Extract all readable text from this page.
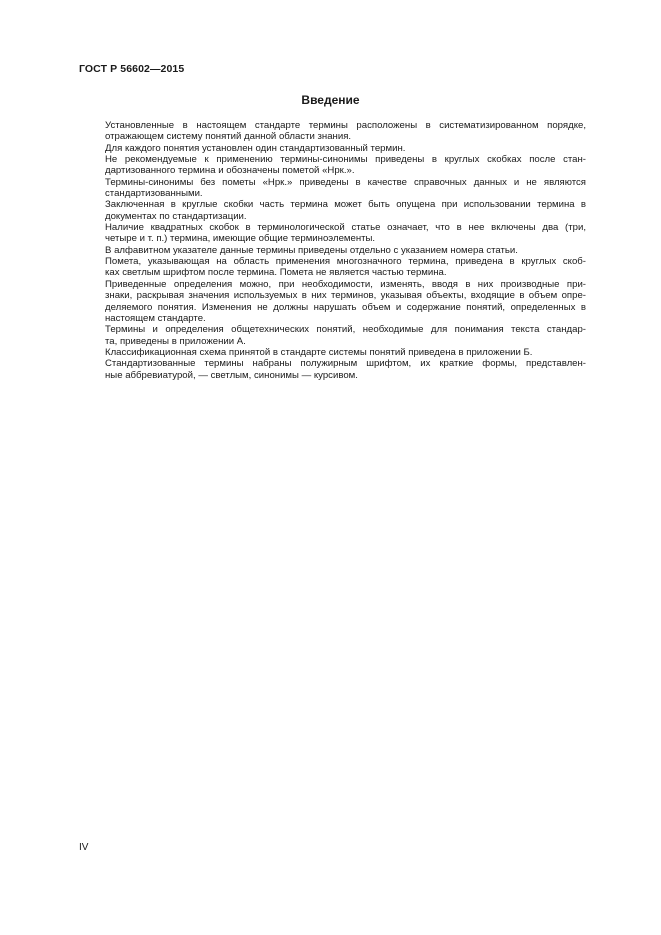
ГОСТ Р 56602—2015
Введение

Установленные в настоящем стандарте термины расположены в систематизированном порядке,
отражающем систему понятий данной области знания.

Для каждого понятия установлен один стандартизованный термин.

Не рекомендуемые к применению термины-синонимы приведены в круглых скобках после стан-
дартизованного термина и обозначены пометой «Нрк.».

Термины-синонимы без пометы «Нрк.» приведены в качестве справочных данных и не являются
стандартизованными.

Заключенная в круглые скобки часть термина может быть опущена при использовании термина в
документах по стандартизации.

Наличие квадратных скобок в терминологической статье означает, что в нее включены два (три,
четыре и т. п.) термина, имеющие общие терминоэлементы.

В алфавитном указателе данные термины приведены отдельно с указанием номера статьи.

Помета, указывающая на область применения многозначного термина, приведена в круглых скоб-
ках светлым шрифтом после термина. Помета не является частью термина.

Приведенные определения можно, при необходимости, изменять, вводя в них производные при-
знаки, раскрывая значения используемых в них терминов, указывая объекты, входящие в объем опре-
деляемого понятия. Изменения не должны нарушать объем и содержание понятий, определенных в
настоящем стандарте.

Термины и определения общетехнических понятий, необходимые для понимания текста стандар-
та, приведены в приложении А.

Классификационная схема принятой в стандарте системы понятий приведена в приложении Б.

Стандартизованные термины набраны полужирным шрифтом, их краткие формы, представлен-
ные аббревиатурой, — светлым, синонимы — курсивом.

IV
